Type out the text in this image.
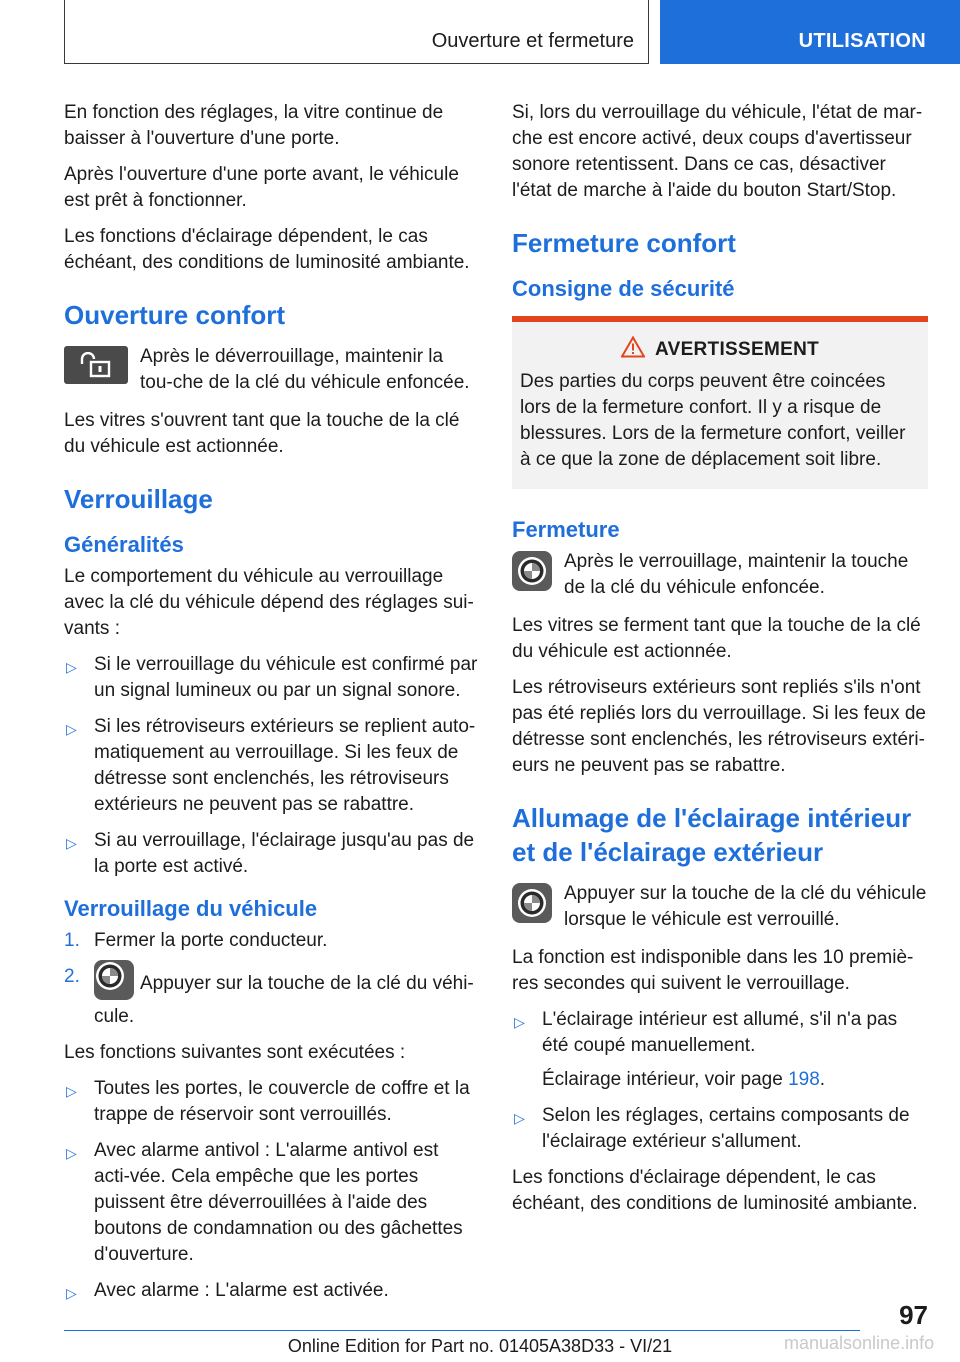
Ouverture et fermeture	UTILISATION

En fonction des réglages, la vitre continue de baisser à l'ouverture d'une porte.

Après l'ouverture d'une porte avant, le véhicule est prêt à fonctionner.

Les fonctions d'éclairage dépendent, le cas échéant, des conditions de luminosité ambiante.

Ouverture confort

Après le déverrouillage, maintenir la tou‐che de la clé du véhicule enfoncée.

Les vitres s'ouvrent tant que la touche de la clé du véhicule est actionnée.

Verrouillage
Généralités

Le comportement du véhicule au verrouillage avec la clé du véhicule dépend des réglages sui‐vants :

▷ Si le verrouillage du véhicule est confirmé par un signal lumineux ou par un signal sonore.
▷ Si les rétroviseurs extérieurs se replient auto‐matiquement au verrouillage. Si les feux de détresse sont enclenchés, les rétroviseurs extérieurs ne peuvent pas se rabattre.
▷ Si au verrouillage, l'éclairage jusqu'au pas de la porte est activé.
Verrouillage du véhicule
1. Fermer la porte conducteur.
2.	Appuyer sur la touche de la clé du véhi‐cule.

Les fonctions suivantes sont exécutées :

▷ Toutes les portes, le couvercle de coffre et la trappe de réservoir sont verrouillés.
▷ Avec alarme antivol : L'alarme antivol est acti‐vée. Cela empêche que les portes puissent être déverrouillées à l'aide des boutons de condamnation ou des gâchettes d'ouverture.
▷ Avec alarme : L'alarme est activée.

Si, lors du verrouillage du véhicule, l'état de mar‐che est encore activé, deux coups d'avertisseur sonore retentissent. Dans ce cas, désactiver l'état de marche à l'aide du bouton Start/Stop.

Fermeture confort
Consigne de sécurité
AVERTISSEMENT

Des parties du corps peuvent être coincées lors de la fermeture confort. Il y a risque de blessures. Lors de la fermeture confort, veiller à ce que la zone de déplacement soit libre.

Fermeture

Après le verrouillage, maintenir la touche de la clé du véhicule enfoncée.

Les vitres se ferment tant que la touche de la clé du véhicule est actionnée.

Les rétroviseurs extérieurs sont repliés s'ils n'ont pas été repliés lors du verrouillage. Si les feux de détresse sont enclenchés, les rétroviseurs extéri‐eurs ne peuvent pas se rabattre.

Allumage de l'éclairage intérieur et de l'éclairage extérieur

Appuyer sur la touche de la clé du véhicule lorsque le véhicule est verrouillé.

La fonction est indisponible dans les 10 premiè‐res secondes qui suivent le verrouillage.

▷ L'éclairage intérieur est allumé, s'il n'a pas été coupé manuellement.
Éclairage intérieur, voir page 198.
▷ Selon les réglages, certains composants de l'éclairage extérieur s'allument.

Les fonctions d'éclairage dépendent, le cas échéant, des conditions de luminosité ambiante.

97
Online Edition for Part no. 01405A38D33 - VI/21	manualsonline.info
